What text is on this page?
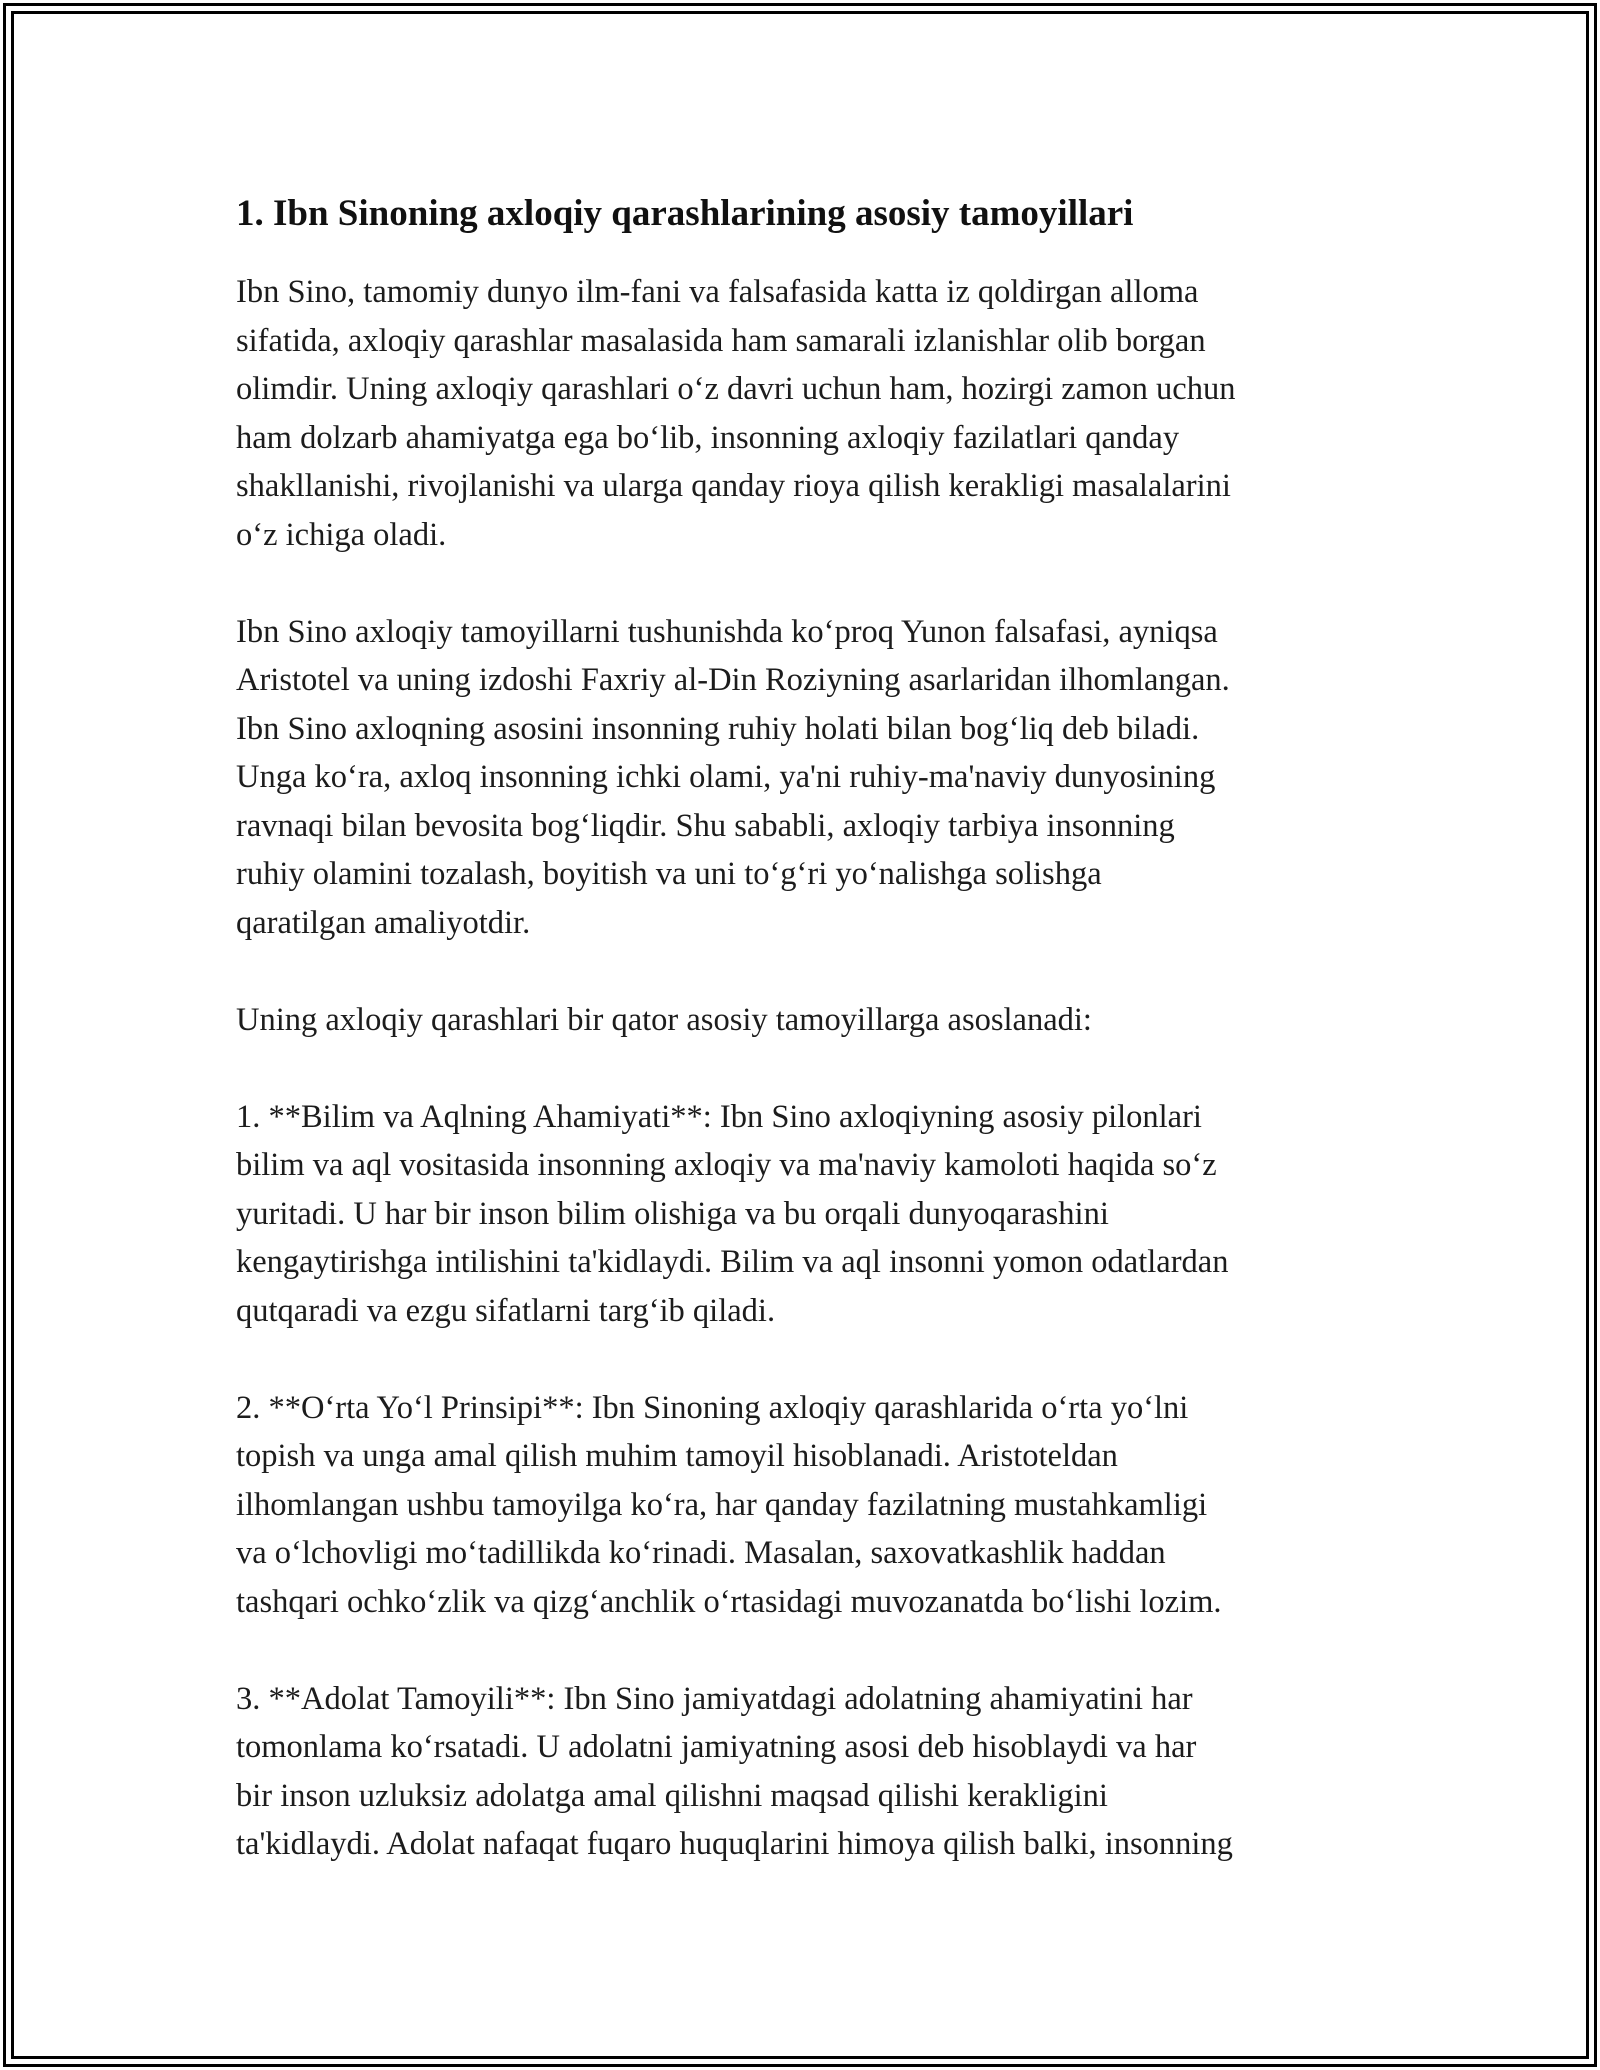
1. Ibn Sinoning axloqiy qarashlarining asosiy tamoyillari
Ibn Sino, tamomiy dunyo ilm-fani va falsafasida katta iz qoldirgan alloma
sifatida, axloqiy qarashlar masalasida ham samarali izlanishlar olib borgan
olimdir. Uning axloqiy qarashlari o‘z davri uchun ham, hozirgi zamon uchun
ham dolzarb ahamiyatga ega bo‘lib, insonning axloqiy fazilatlari qanday
shakllanishi, rivojlanishi va ularga qanday rioya qilish kerakligi masalalarini
o‘z ichiga oladi.
Ibn Sino axloqiy tamoyillarni tushunishda ko‘proq Yunon falsafasi, ayniqsa
Aristotel va uning izdoshi Faxriy al-Din Roziyning asarlaridan ilhomlangan.
Ibn Sino axloqning asosini insonning ruhiy holati bilan bog‘liq deb biladi.
Unga ko‘ra, axloq insonning ichki olami, ya'ni ruhiy-ma'naviy dunyosining
ravnaqi bilan bevosita bog‘liqdir. Shu sababli, axloqiy tarbiya insonning
ruhiy olamini tozalash, boyitish va uni to‘g‘ri yo‘nalishga solishga
qaratilgan amaliyotdir.
Uning axloqiy qarashlari bir qator asosiy tamoyillarga asoslanadi:
1. **Bilim va Aqlning Ahamiyati**: Ibn Sino axloqiyning asosiy pilonlari
bilim va aql vositasida insonning axloqiy va ma'naviy kamoloti haqida so‘z
yuritadi. U har bir inson bilim olishiga va bu orqali dunyoqarashini
kengaytirishga intilishini ta'kidlaydi. Bilim va aql insonni yomon odatlardan
qutqaradi va ezgu sifatlarni targ‘ib qiladi.
2. **O‘rta Yo‘l Prinsipi**: Ibn Sinoning axloqiy qarashlarida o‘rta yo‘lni
topish va unga amal qilish muhim tamoyil hisoblanadi. Aristoteldan
ilhomlangan ushbu tamoyilga ko‘ra, har qanday fazilatning mustahkamligi
va o‘lchovligi mo‘tadillikda ko‘rinadi. Masalan, saxovatkashlik haddan
tashqari ochko‘zlik va qizg‘anchlik o‘rtasidagi muvozanatda bo‘lishi lozim.
3. **Adolat Tamoyili**: Ibn Sino jamiyatdagi adolatning ahamiyatini har
tomonlama ko‘rsatadi. U adolatni jamiyatning asosi deb hisoblaydi va har
bir inson uzluksiz adolatga amal qilishni maqsad qilishi kerakligini
ta'kidlaydi. Adolat nafaqat fuqaro huquqlarini himoya qilish balki, insonning
